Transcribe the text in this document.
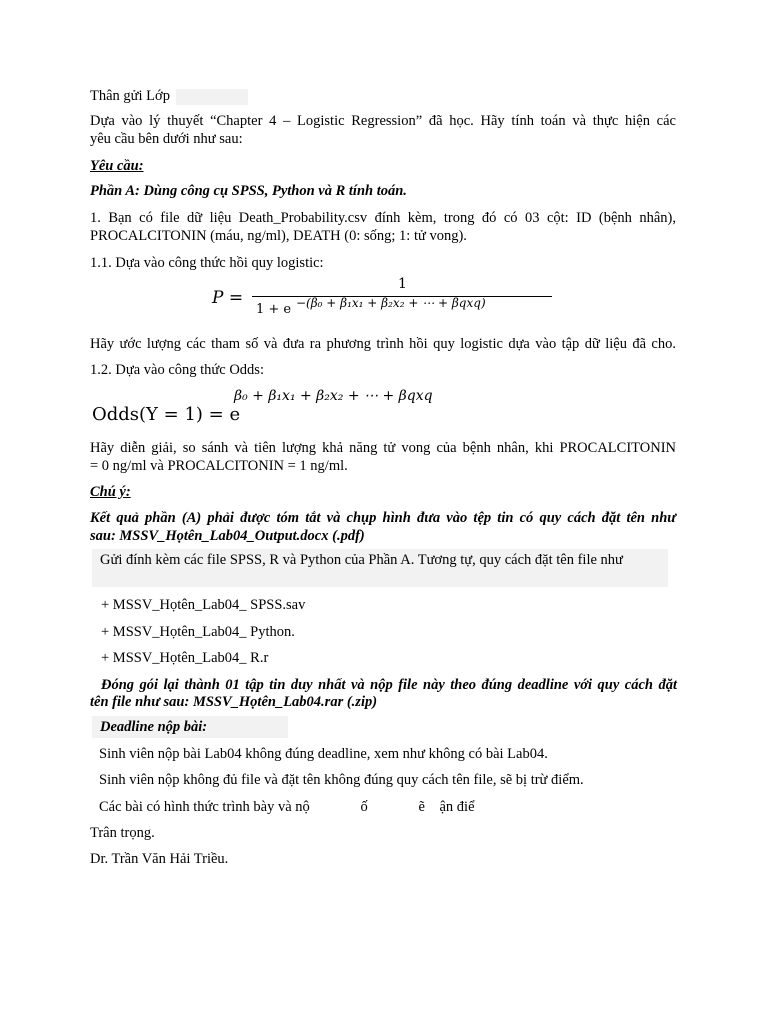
Thân gửi Lớp
Dựa vào lý thuyết “Chapter 4 – Logistic Regression” đã học. Hãy tính toán và thực hiện các
yêu cầu bên dưới như sau:
Yêu cầu:
Phần A: Dùng công cụ SPSS, Python và R tính toán.
1. Bạn có file dữ liệu Death_Probability.csv đính kèm, trong đó có 03 cột: ID (bệnh nhân),
PROCALCITONIN (máu, ng/ml), DEATH (0: sống; 1: tử vong).
1.1. Dựa vào công thức hồi quy logistic:
P =
1
1 + e −(β₀ + β₁x₁ + β₂x₂ + ⋯ + βqxq)
Hãy ước lượng các tham số và đưa ra phương trình hồi quy logistic dựa vào tập dữ liệu đã cho.
1.2. Dựa vào công thức Odds:
Odds(Y = 1) = e
β₀ + β₁x₁ + β₂x₂ + ⋯ + βqxq
Hãy diễn giải, so sánh và tiên lượng khả năng tử vong của bệnh nhân, khi PROCALCITONIN
= 0 ng/ml và PROCALCITONIN = 1 ng/ml.
Chú ý:
Kết quả phần (A) phải được tóm tắt và chụp hình đưa vào tệp tin có quy cách đặt tên như
sau: MSSV_Họtên_Lab04_Output.docx (.pdf)
Gửi đính kèm các file SPSS, R và Python của Phần A. Tương tự, quy cách đặt tên file như
+ MSSV_Họtên_Lab04_ SPSS.sav
+ MSSV_Họtên_Lab04_ Python.
+ MSSV_Họtên_Lab04_ R.r
Đóng gói lại thành 01 tập tin duy nhất và nộp file này theo đúng deadline với quy cách đặt
tên file như sau: MSSV_Họtên_Lab04.rar (.zip)
Deadline nộp bài:
Sinh viên nộp bài Lab04 không đúng deadline, xem như không có bài Lab04.
Sinh viên nộp không đủ file và đặt tên không đúng quy cách tên file, sẽ bị trừ điểm.
Các bài có hình thức trình bày và nộ              ố              ẽ    ận điể
Trân trọng.
Dr. Trần Văn Hải Triều.
